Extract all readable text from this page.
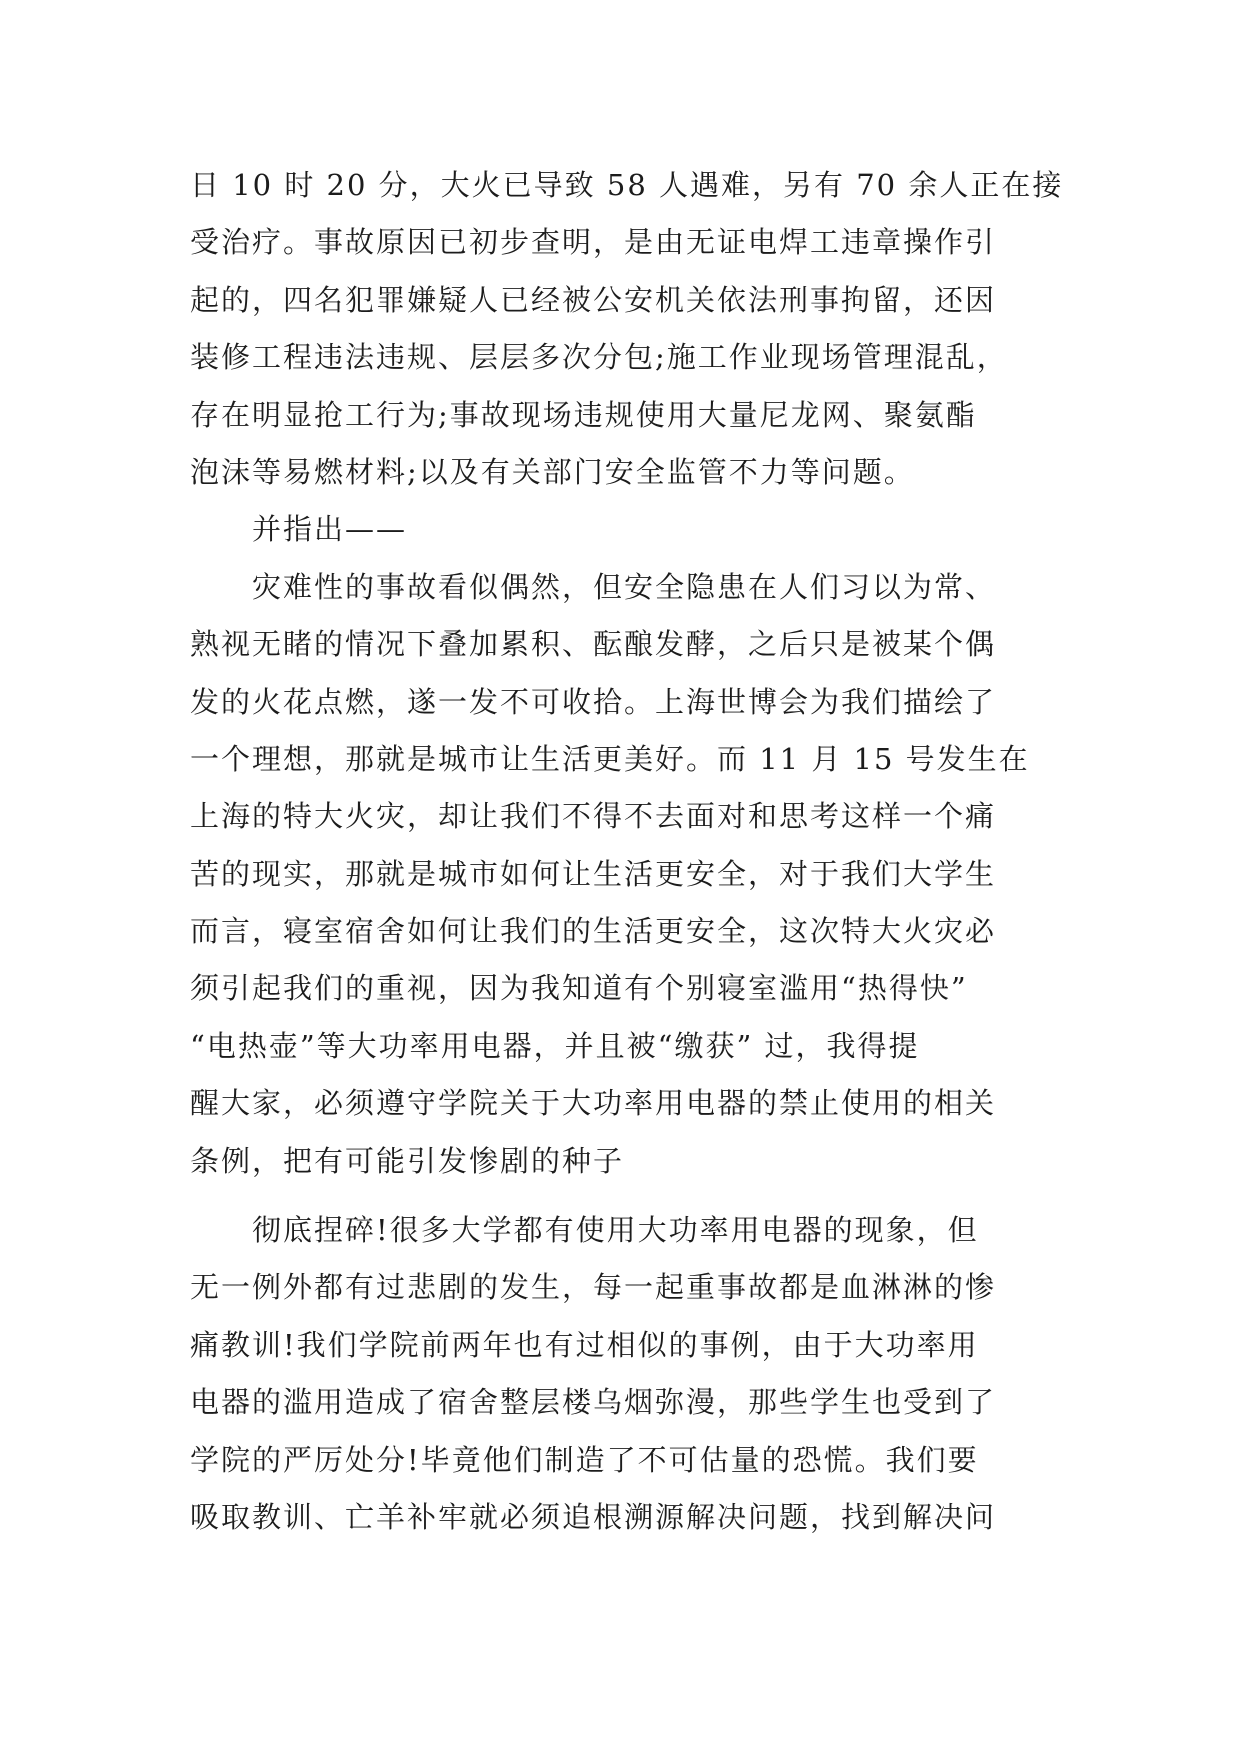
日 10 时 20 分，大火已导致 58 人遇难，另有 70 余人正在接
受治疗。事故原因已初步查明，是由无证电焊工违章操作引
起的，四名犯罪嫌疑人已经被公安机关依法刑事拘留，还因
装修工程违法违规、层层多次分包;施工作业现场管理混乱，
存在明显抢工行为;事故现场违规使用大量尼龙网、聚氨酯
泡沫等易燃材料;以及有关部门安全监管不力等问题。
并指出——
灾难性的事故看似偶然，但安全隐患在人们习以为常、
熟视无睹的情况下叠加累积、酝酿发酵，之后只是被某个偶
发的火花点燃，遂一发不可收拾。上海世博会为我们描绘了
一个理想，那就是城市让生活更美好。而 11 月 15 号发生在
上海的特大火灾，却让我们不得不去面对和思考这样一个痛
苦的现实，那就是城市如何让生活更安全，对于我们大学生
而言，寝室宿舍如何让我们的生活更安全，这次特大火灾必
须引起我们的重视，因为我知道有个别寝室滥用“热得快”
“电热壶”等大功率用电器，并且被“缴获” 过，我得提
醒大家，必须遵守学院关于大功率用电器的禁止使用的相关
条例，把有可能引发惨剧的种子
彻底捏碎!很多大学都有使用大功率用电器的现象，但
无一例外都有过悲剧的发生，每一起重事故都是血淋淋的惨
痛教训!我们学院前两年也有过相似的事例，由于大功率用
电器的滥用造成了宿舍整层楼乌烟弥漫，那些学生也受到了
学院的严厉处分!毕竟他们制造了不可估量的恐慌。我们要
吸取教训、亡羊补牢就必须追根溯源解决问题，找到解决问
